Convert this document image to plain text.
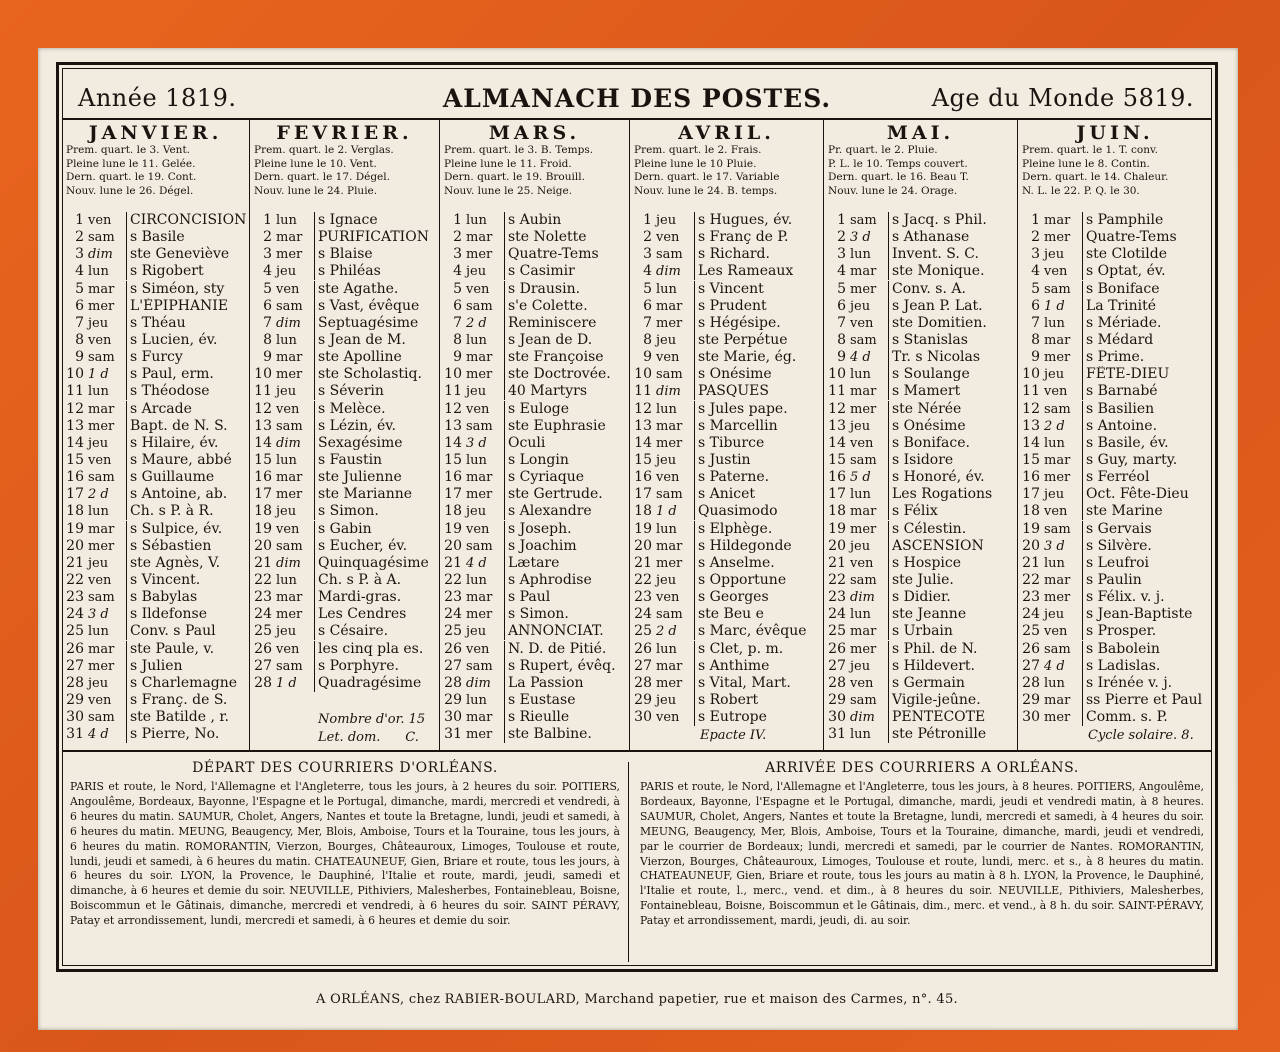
Année 1819.	ALMANACH DES POSTES.	Age du Monde 5819.
JANVIER.
Prem. quart. le 3. Vent.
Pleine lune le 11. Gelée.
Dern. quart. le 19. Cont.
Nouv. lune le 26. Dégel.
1 ven	CIRCONCISION
2 sam	s Basile
3 dim	ste Geneviève
4 lun	s Rigobert
5 mar	s Siméon, sty
6 mer	L'ÉPIPHANIE
7 jeu	s Théau
8 ven	s Lucien, év.
9 sam	s Furcy
10 1 d	s Paul, erm.
11 lun	s Théodose
12 mar	s Arcade
13 mer	Bapt. de N. S.
14 jeu	s Hilaire, év.
15 ven	s Maure, abbé
16 sam	s Guillaume
17 2 d	s Antoine, ab.
18 lun	Ch. s P. à R.
19 mar	s Sulpice, év.
20 mer	s Sébastien
21 jeu	ste Agnès, V.
22 ven	s Vincent.
23 sam	s Babylas
24 3 d	s Ildefonse
25 lun	Conv. s Paul
26 mar	ste Paule, v.
27 mer	s Julien
28 jeu	s Charlemagne
29 ven	s Franç. de S.
30 sam	ste Batilde , r.
31 4 d	s Pierre, No.
FEVRIER.
Prem. quart. le 2. Verglas.
Pleine lune le 10. Vent.
Dern. quart. le 17. Dégel.
Nouv. lune le 24. Pluie.
1 lun	s Ignace
2 mar	PURIFICATION
3 mer	s Blaise
4 jeu	s Philéas
5 ven	ste Agathe.
6 sam	s Vast, évêque
7 dim	Septuagésime
8 lun	s Jean de M.
9 mar	ste Apolline
10 mer	ste Scholastiq.
11 jeu	s Séverin
12 ven	s Melèce.
13 sam	s Lézin, év.
14 dim	Sexagésime
15 lun	s Faustin
16 mar	ste Julienne
17 mer	ste Marianne
18 jeu	s Simon.
19 ven	s Gabin
20 sam	s Eucher, év.
21 dim	Quinquagésime
22 lun	Ch. s P. à A.
23 mar	Mardi-gras.
24 mer	Les Cendres
25 jeu	s Césaire.
26 ven	les cinq pla es.
27 sam	s Porphyre.
28 1 d	Quadragésime
Nombre d'or. 15
Let. dom.      C.
MARS.
Prem. quart. le 3. B. Temps.
Pleine lune le 11. Froid.
Dern. quart. le 19. Brouill.
Nouv. lune le 25. Neige.
1 lun	s Aubin
2 mar	ste Nolette
3 mer	Quatre-Tems
4 jeu	s Casimir
5 ven	s Drausin.
6 sam	s'e Colette.
7 2 d	Reminiscere
8 lun	s Jean de D.
9 mar	ste Françoise
10 mer	ste Doctrovée.
11 jeu	40 Martyrs
12 ven	s Euloge
13 sam	ste Euphrasie
14 3 d	Oculi
15 lun	s Longin
16 mar	s Cyriaque
17 mer	ste Gertrude.
18 jeu	s Alexandre
19 ven	s Joseph.
20 sam	s Joachim
21 4 d	Lætare
22 lun	s Aphrodise
23 mar	s Paul
24 mer	s Simon.
25 jeu	ANNONCIAT.
26 ven	N. D. de Pitié.
27 sam	s Rupert, évêq.
28 dim	La Passion
29 lun	s Eustase
30 mar	s Rieulle
31 mer	ste Balbine.
AVRIL.
Prem. quart. le 2. Frais.
Pleine lune le 10 Pluie.
Dern. quart. le 17. Variable
Nouv. lune le 24. B. temps.
1 jeu	s Hugues, év.
2 ven	s Franç de P.
3 sam	s Richard.
4 dim	Les Rameaux
5 lun	s Vincent
6 mar	s Prudent
7 mer	s Hégésipe.
8 jeu	ste Perpétue
9 ven	ste Marie, ég.
10 sam	s Onésime
11 dim	PASQUES
12 lun	s Jules pape.
13 mar	s Marcellin
14 mer	s Tiburce
15 jeu	s Justin
16 ven	s Paterne.
17 sam	s Anicet
18 1 d	Quasimodo
19 lun	s Elphège.
20 mar	s Hildegonde
21 mer	s Anselme.
22 jeu	s Opportune
23 ven	s Georges
24 sam	ste Beu e
25 2 d	s Marc, évêque
26 lun	s Clet, p. m.
27 mar	s Anthime
28 mer	s Vital, Mart.
29 jeu	s Robert
30 ven	s Eutrope
Epacte IV.
MAI.
Pr. quart. le 2. Pluie.
P. L. le 10. Temps couvert.
Dern. quart. le 16. Beau T.
Nouv. lune le 24. Orage.
1 sam	s Jacq. s Phil.
2 3 d	s Athanase
3 lun	Invent. S. C.
4 mar	ste Monique.
5 mer	Conv. s. A.
6 jeu	s Jean P. Lat.
7 ven	ste Domitien.
8 sam	s Stanislas
9 4 d	Tr. s Nicolas
10 lun	s Soulange
11 mar	s Mamert
12 mer	ste Nérée
13 jeu	s Onésime
14 ven	s Boniface.
15 sam	s Isidore
16 5 d	s Honoré, év.
17 lun	Les Rogations
18 mar	s Félix
19 mer	s Célestin.
20 jeu	ASCENSION
21 ven	s Hospice
22 sam	ste Julie.
23 dim	s Didier.
24 lun	ste Jeanne
25 mar	s Urbain
26 mer	s Phil. de N.
27 jeu	s Hildevert.
28 ven	s Germain
29 sam	Vigile-jeûne.
30 dim	PENTECOTE
31 lun	ste Pétronille
JUIN.
Prem. quart. le 1. T. conv.
Pleine lune le 8. Contin.
Dern. quart. le 14. Chaleur.
N. L. le 22. P. Q. le 30.
1 mar	s Pamphile
2 mer	Quatre-Tems
3 jeu	ste Clotilde
4 ven	s Optat, év.
5 sam	s Boniface
6 1 d	La Trinité
7 lun	s Mériade.
8 mar	s Médard
9 mer	s Prime.
10 jeu	FÊTE-DIEU
11 ven	s Barnabé
12 sam	s Basilien
13 2 d	s Antoine.
14 lun	s Basile, év.
15 mar	s Guy, marty.
16 mer	s Ferréol
17 jeu	Oct. Fête-Dieu
18 ven	ste Marine
19 sam	s Gervais
20 3 d	s Silvère.
21 lun	s Leufroi
22 mar	s Paulin
23 mer	s Félix. v. j.
24 jeu	s Jean-Baptiste
25 ven	s Prosper.
26 sam	s Babolein
27 4 d	s Ladislas.
28 lun	s Irénée v. j.
29 mar	ss Pierre et Paul
30 mer	Comm. s. P.
Cycle solaire. 8.
DÉPART DES COURRIERS D'ORLÉANS.

PARIS et route, le Nord, l'Allemagne et l'Angleterre, tous les jours, à 2 heures du soir. POITIERS, Angoulême, Bordeaux, Bayonne, l'Espagne et le Portugal, dimanche, mardi, mercredi et vendredi, à 6 heures du matin. SAUMUR, Cholet, Angers, Nantes et toute la Bretagne, lundi, jeudi et samedi, à 6 heures du matin. MEUNG, Beaugency, Mer, Blois, Amboise, Tours et la Touraine, tous les jours, à 6 heures du matin. ROMORANTIN, Vierzon, Bourges, Châteauroux, Limoges, Toulouse et route, lundi, jeudi et samedi, à 6 heures du matin. CHATEAUNEUF, Gien, Briare et route, tous les jours, à 6 heures du soir. LYON, la Provence, le Dauphiné, l'Italie et route, mardi, jeudi, samedi et dimanche, à 6 heures et demie du soir. NEUVILLE, Pithiviers, Malesherbes, Fontainebleau, Boisne, Boiscommun et le Gâtinais, dimanche, mercredi et vendredi, à 6 heures du soir. SAINT PÉRAVY, Patay et arrondissement, lundi, mercredi et samedi, à 6 heures et demie du soir.

ARRIVÉE DES COURRIERS A ORLÉANS.

PARIS et route, le Nord, l'Allemagne et l'Angleterre, tous les jours, à 8 heures. POITIERS, Angoulême, Bordeaux, Bayonne, l'Espagne et le Portugal, dimanche, mardi, jeudi et vendredi matin, à 8 heures. SAUMUR, Cholet, Angers, Nantes et toute la Bretagne, lundi, mercredi et samedi, à 4 heures du soir. MEUNG, Beaugency, Mer, Blois, Amboise, Tours et la Touraine, dimanche, mardi, jeudi et vendredi, par le courrier de Bordeaux; lundi, mercredi et samedi, par le courrier de Nantes. ROMORANTIN, Vierzon, Bourges, Châteauroux, Limoges, Toulouse et route, lundi, merc. et s., à 8 heures du matin. CHATEAUNEUF, Gien, Briare et route, tous les jours au matin à 8 h. LYON, la Provence, le Dauphiné, l'Italie et route, l., merc., vend. et dim., à 8 heures du soir. NEUVILLE, Pithiviers, Malesherbes, Fontainebleau, Boisne, Boiscommun et le Gâtinais, dim., merc. et vend., à 8 h. du soir. SAINT-PÉRAVY, Patay et arrondissement, mardi, jeudi, di. au soir.

A ORLÉANS, chez RABIER-BOULARD, Marchand papetier, rue et maison des Carmes, n°. 45.
